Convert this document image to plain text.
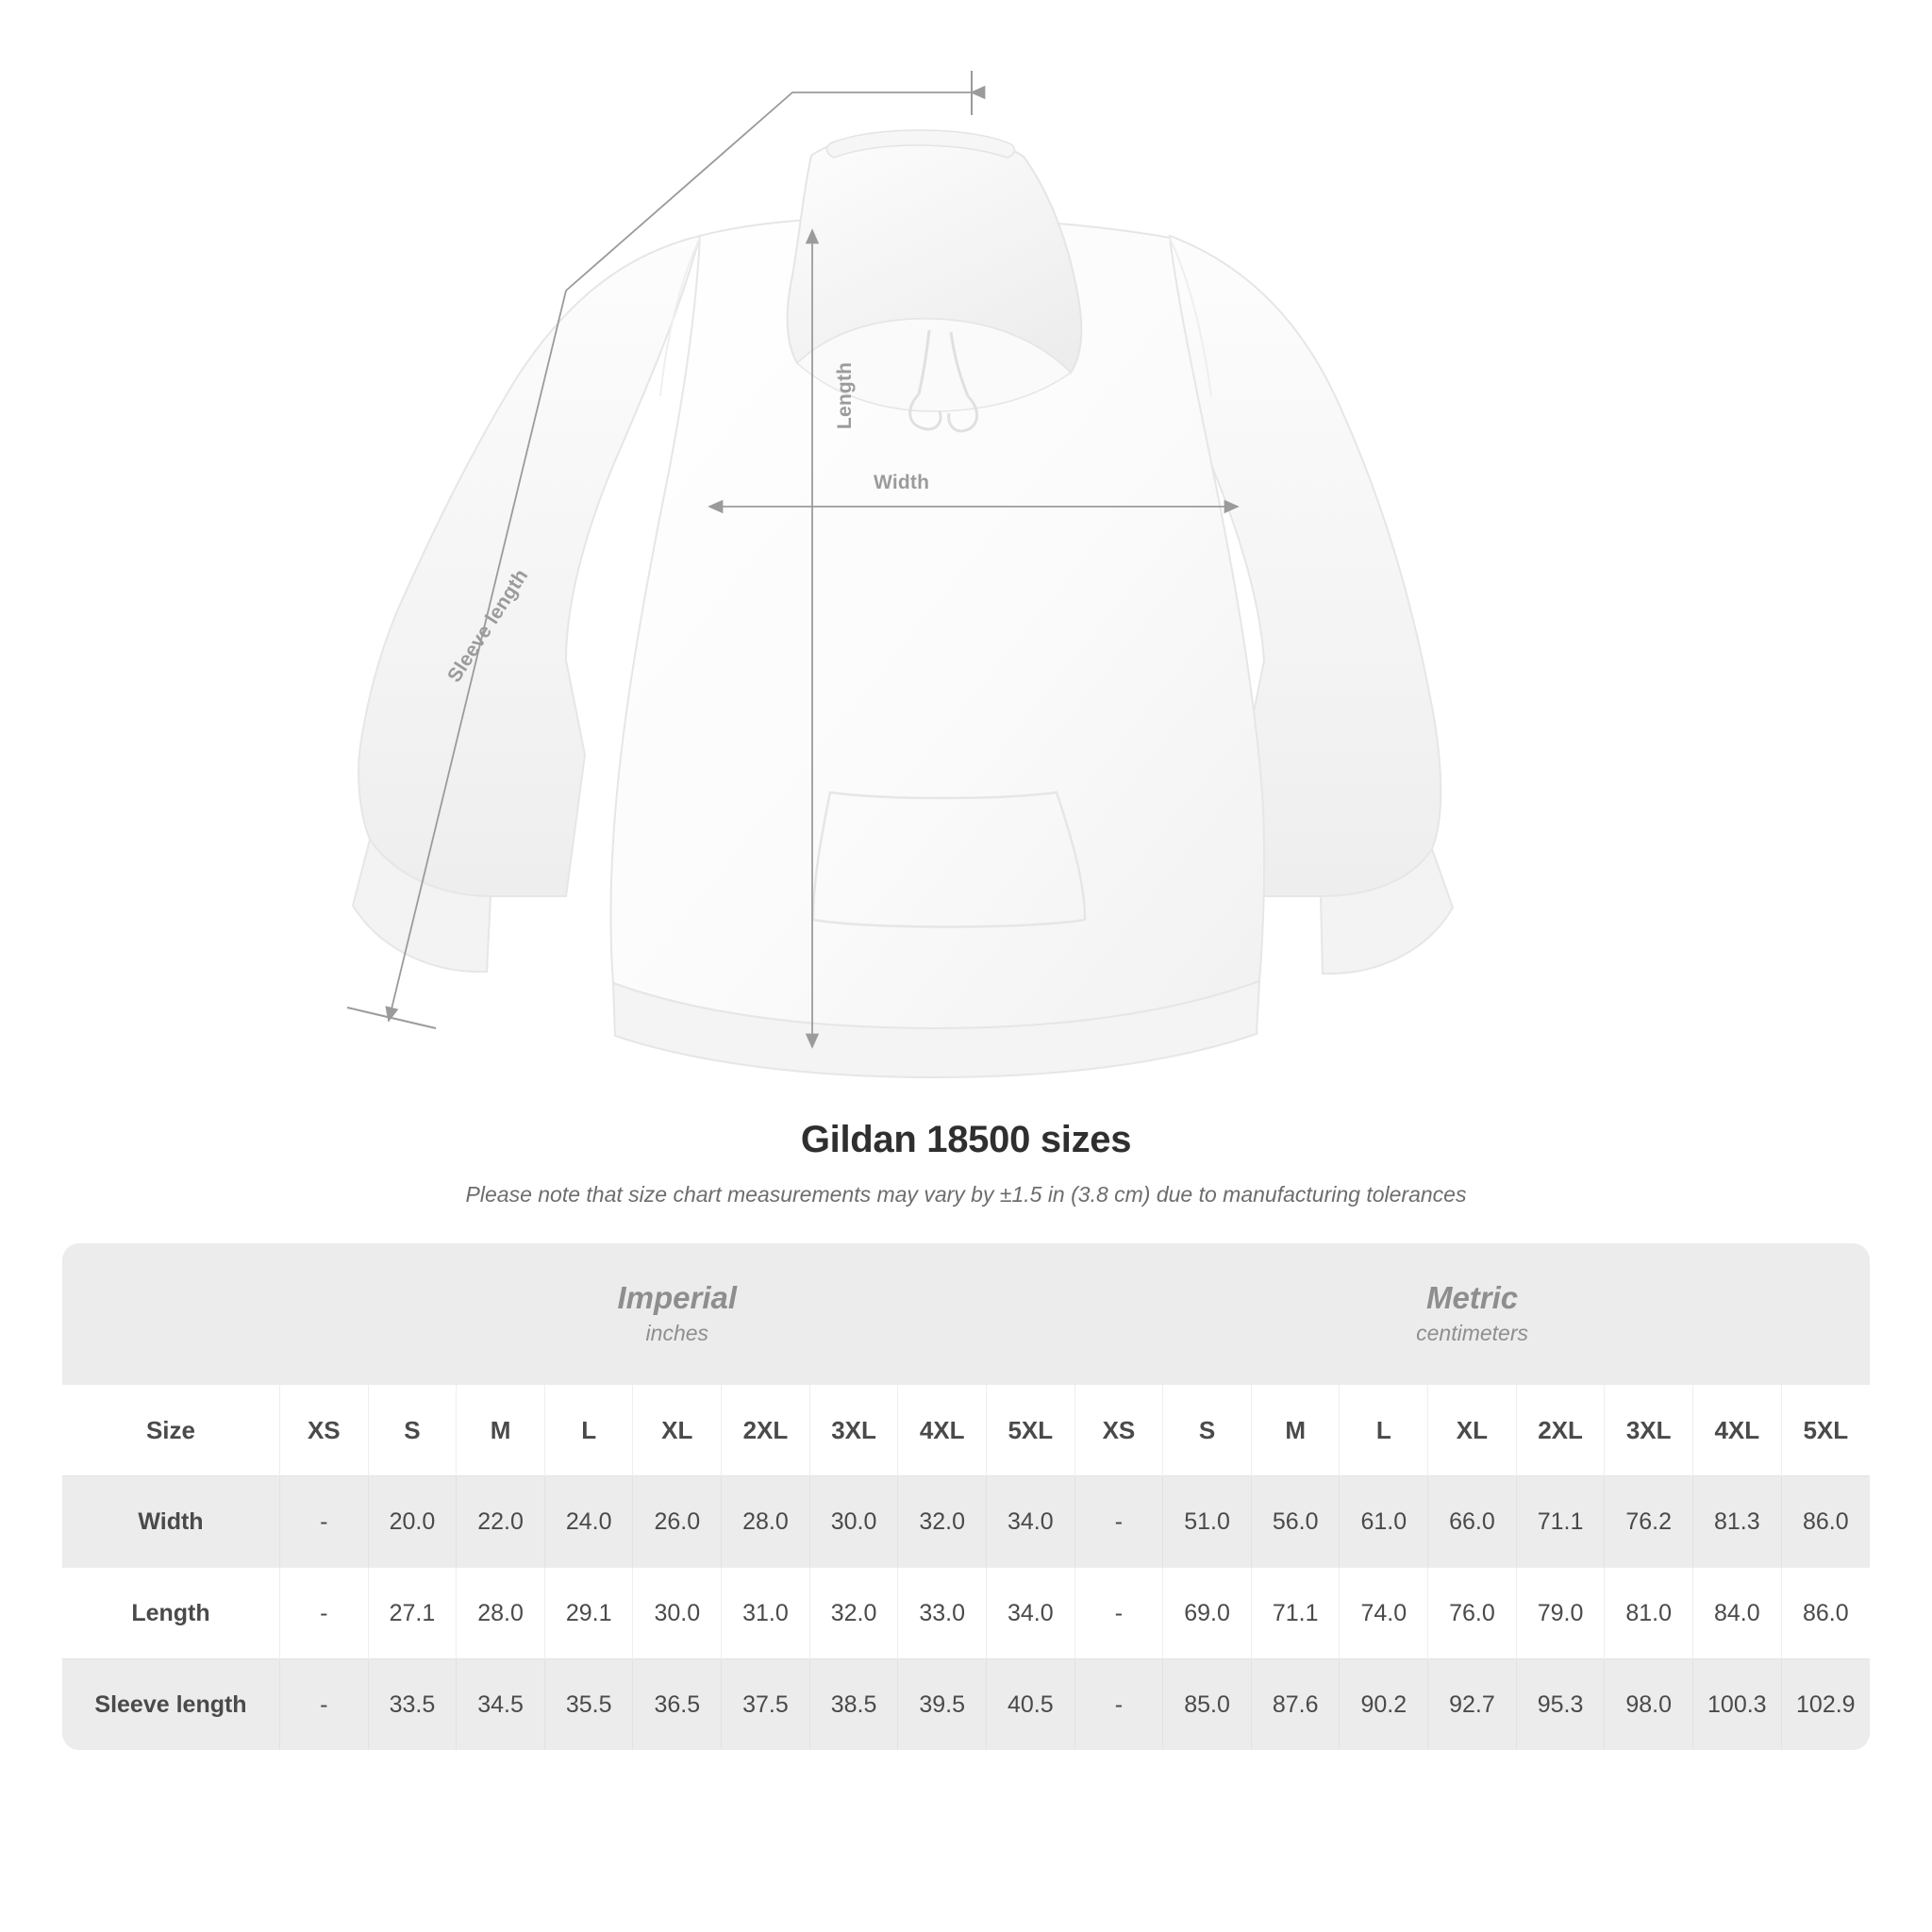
Length
Width
Sleeve length
Gildan 18500 sizes
Please note that size chart measurements may vary by ±1.5 in (3.8 cm) due to manufacturing tolerances

Imperial
inches

Metric
centimeters

Size	XS	S	M	L	XL	2XL	3XL	4XL	5XL	XS	S	M	L	XL	2XL	3XL	4XL	5XL
Width	-	20.0	22.0	24.0	26.0	28.0	30.0	32.0	34.0	-	51.0	56.0	61.0	66.0	71.1	76.2	81.3	86.0
Length	-	27.1	28.0	29.1	30.0	31.0	32.0	33.0	34.0	-	69.0	71.1	74.0	76.0	79.0	81.0	84.0	86.0
Sleeve length	-	33.5	34.5	35.5	36.5	37.5	38.5	39.5	40.5	-	85.0	87.6	90.2	92.7	95.3	98.0	100.3	102.9
